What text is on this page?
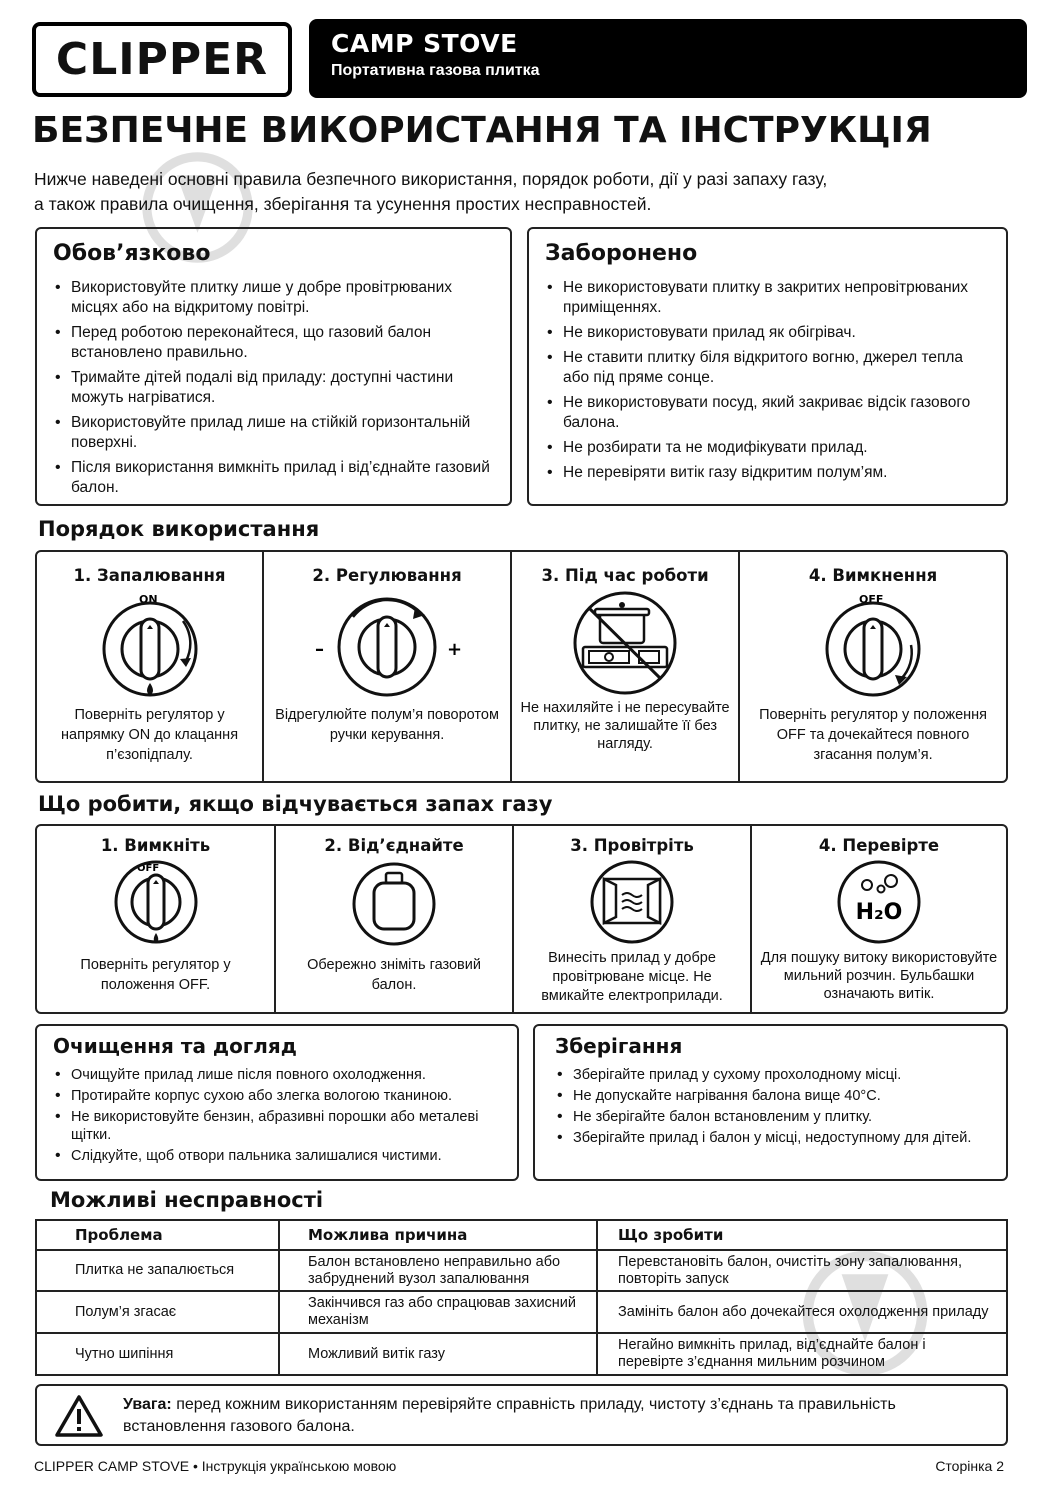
CLIPPER	CAMP STOVE
Портативна газова плитка
БЕЗПЕЧНЕ ВИКОРИСТАННЯ ТА ІНСТРУКЦІЯ
Нижче наведені основні правила безпечного використання, порядок роботи, дії у разі запаху газу,
а також правила очищення, зберігання та усунення простих несправностей.
Обов’язково
• Використовуйте плитку лише у добре провітрюваних місцях або на відкритому повітрі.
• Перед роботою переконайтеся, що газовий балон встановлено правильно.
• Тримайте дітей подалі від приладу: доступні частини можуть нагріватися.
• Використовуйте прилад лише на стійкій горизонтальній поверхні.
• Після використання вимкніть прилад і від’єднайте газовий балон.
Заборонено
• Не використовувати плитку в закритих непровітрюваних приміщеннях.
• Не використовувати прилад як обігрівач.
• Не ставити плитку біля відкритого вогню, джерел тепла або під пряме сонце.
• Не використовувати посуд, який закриває відсік газового балона.
• Не розбирати та не модифікувати прилад.
• Не перевіряти витік газу відкритим полум’ям.
Порядок використання
1. Запалювання
ON
Поверніть регулятор у напрямку ON до клацання п’єзопідпалу.
2. Регулювання
–	+
Відрегулюйте полум’я поворотом ручки керування.
3. Під час роботи
Не нахиляйте і не пересувайте плитку, не залишайте її без нагляду.
4. Вимкнення
OFF
Поверніть регулятор у положення OFF та дочекайтеся повного згасання полум’я.
Що робити, якщо відчувається запах газу
1. Вимкніть
OFF
Поверніть регулятор у положення OFF.
2. Від’єднайте
Обережно зніміть газовий балон.
3. Провітріть
Винесіть прилад у добре провітрюване місце. Не вмикайте електроприлади.
4. Перевірте
H₂O
Для пошуку витоку використовуйте мильний розчин. Бульбашки означають витік.
Очищення та догляд
• Очищуйте прилад лише після повного охолодження.
• Протирайте корпус сухою або злегка вологою тканиною.
• Не використовуйте бензин, абразивні порошки або металеві щітки.
• Слідкуйте, щоб отвори пальника залишалися чистими.
Зберігання
• Зберігайте прилад у сухому прохолодному місці.
• Не допускайте нагрівання балона вище 40°C.
• Не зберігайте балон встановленим у плитку.
• Зберігайте прилад і балон у місці, недоступному для дітей.
Можливі несправності
Проблема	Можлива причина	Що зробити
Плитка не запалюється	Балон встановлено неправильно або забруднений вузол запалювання	Перевстановіть балон, очистіть зону запалювання, повторіть запуск
Полум’я згасає	Закінчився газ або спрацював захисний механізм	Замініть балон або дочекайтеся охолодження приладу
Чутно шипіння	Можливий витік газу	Негайно вимкніть прилад, від’єднайте балон і перевірте з’єднання мильним розчином
Увага: перед кожним використанням перевіряйте справність приладу, чистоту з’єднань та правильність встановлення газового балона.
CLIPPER CAMP STOVE • Інструкція українською мовою	Сторінка 2
